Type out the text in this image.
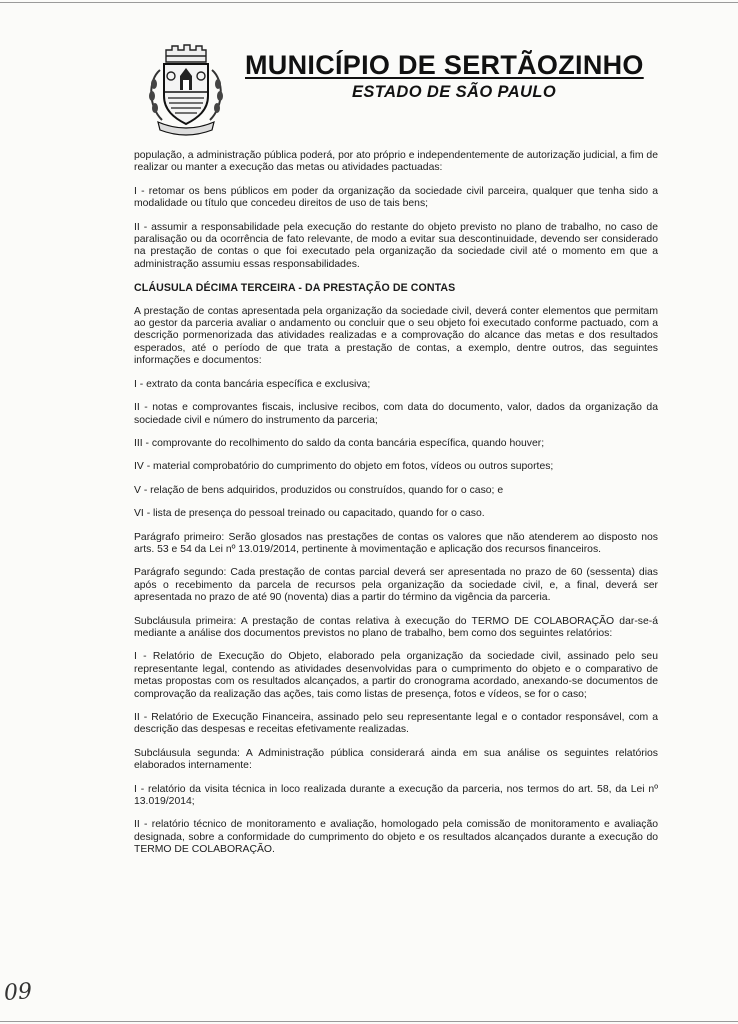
MUNICÍPIO DE SERTÃOZINHO
ESTADO DE SÃO PAULO

população, a administração pública poderá, por ato próprio e independentemente de autorização judicial, a fim de realizar ou manter a execução das metas ou atividades pactuadas:

I - retomar os bens públicos em poder da organização da sociedade civil parceira, qualquer que tenha sido a modalidade ou título que concedeu direitos de uso de tais bens;

II - assumir a responsabilidade pela execução do restante do objeto previsto no plano de trabalho, no caso de paralisação ou da ocorrência de fato relevante, de modo a evitar sua descontinuidade, devendo ser considerado na prestação de contas o que foi executado pela organização da sociedade civil até o momento em que a administração assumiu essas responsabilidades.

CLÁUSULA DÉCIMA TERCEIRA - DA PRESTAÇÃO DE CONTAS

A prestação de contas apresentada pela organização da sociedade civil, deverá conter elementos que permitam ao gestor da parceria avaliar o andamento ou concluir que o seu objeto foi executado conforme pactuado, com a descrição pormenorizada das atividades realizadas e a comprovação do alcance das metas e dos resultados esperados, até o período de que trata a prestação de contas, a exemplo, dentre outros, das seguintes informações e documentos:

I - extrato da conta bancária específica e exclusiva;

II - notas e comprovantes fiscais, inclusive recibos, com data do documento, valor, dados da organização da sociedade civil e número do instrumento da parceria;

III - comprovante do recolhimento do saldo da conta bancária específica, quando houver;

IV - material comprobatório do cumprimento do objeto em fotos, vídeos ou outros suportes;

V - relação de bens adquiridos, produzidos ou construídos, quando for o caso; e

VI - lista de presença do pessoal treinado ou capacitado, quando for o caso.

Parágrafo primeiro: Serão glosados nas prestações de contas os valores que não atenderem ao disposto nos arts. 53 e 54 da Lei nº 13.019/2014, pertinente à movimentação e aplicação dos recursos financeiros.

Parágrafo segundo: Cada prestação de contas parcial deverá ser apresentada no prazo de 60 (sessenta) dias após o recebimento da parcela de recursos pela organização da sociedade civil, e, a final, deverá ser apresentada no prazo de até 90 (noventa) dias a partir do término da vigência da parceria.

Subcláusula primeira: A prestação de contas relativa à execução do TERMO DE COLABORAÇÃO dar-se-á mediante a análise dos documentos previstos no plano de trabalho, bem como dos seguintes relatórios:

I - Relatório de Execução do Objeto, elaborado pela organização da sociedade civil, assinado pelo seu representante legal, contendo as atividades desenvolvidas para o cumprimento do objeto e o comparativo de metas propostas com os resultados alcançados, a partir do cronograma acordado, anexando-se documentos de comprovação da realização das ações, tais como listas de presença, fotos e vídeos, se for o caso;

II - Relatório de Execução Financeira, assinado pelo seu representante legal e o contador responsável, com a descrição das despesas e receitas efetivamente realizadas.

Subcláusula segunda: A Administração pública considerará ainda em sua análise os seguintes relatórios elaborados internamente:

I - relatório da visita técnica in loco realizada durante a execução da parceria, nos termos do art. 58, da Lei nº 13.019/2014;

II - relatório técnico de monitoramento e avaliação, homologado pela comissão de monitoramento e avaliação designada, sobre a conformidade do cumprimento do objeto e os resultados alcançados durante a execução do TERMO DE COLABORAÇÃO.

09
